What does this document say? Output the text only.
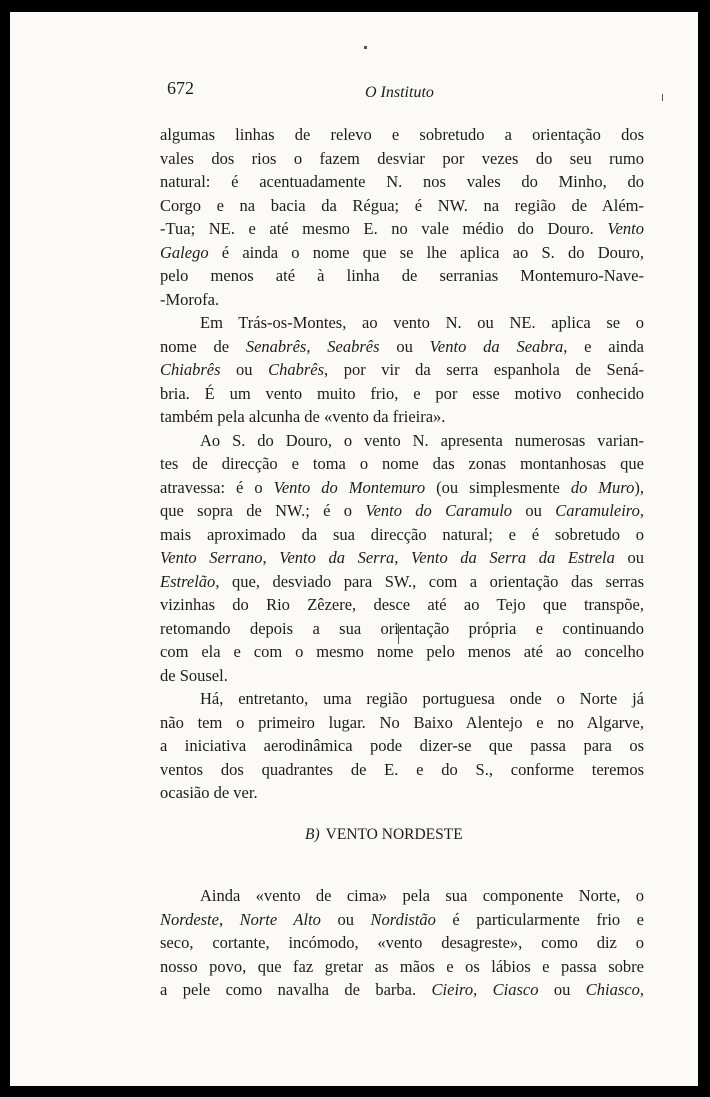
672	O Instituto
algumas linhas de relevo e sobretudo a orientação dos
vales dos rios o fazem desviar por vezes do seu rumo
natural: é acentuadamente N. nos vales do Minho, do
Corgo e na bacia da Régua; é NW. na região de Além-
-Tua; NE. e até mesmo E. no vale médio do Douro. Vento
Galego é ainda o nome que se lhe aplica ao S. do Douro,
pelo menos até à linha de serranias Montemuro-Nave-
-Morofa.
Em Trás-os-Montes, ao vento N. ou NE. aplica se o
nome de Senabrês, Seabrês ou Vento da Seabra, e ainda
Chiabrês ou Chabrês, por vir da serra espanhola de Sená-
bria. É um vento muito frio, e por esse motivo conhecido
também pela alcunha de «vento da frieira».
Ao S. do Douro, o vento N. apresenta numerosas varian-
tes de direcção e toma o nome das zonas montanhosas que
atravessa: é o Vento do Montemuro (ou simplesmente do Muro),
que sopra de NW.; é o Vento do Caramulo ou Caramuleiro,
mais aproximado da sua direcção natural; e é sobretudo o
Vento Serrano, Vento da Serra, Vento da Serra da Estrela ou
Estrelão, que, desviado para SW., com a orientação das serras
vizinhas do Rio Zêzere, desce até ao Tejo que transpõe,
retomando depois a sua orientação própria e continuando
com ela e com o mesmo nome pelo menos até ao concelho
de Sousel.
Há, entretanto, uma região portuguesa onde o Norte já
não tem o primeiro lugar. No Baixo Alentejo e no Algarve,
a iniciativa aerodinâmica pode dizer-se que passa para os
ventos dos quadrantes de E. e do S., conforme teremos
ocasião de ver.
B) VENTO NORDESTE
Ainda «vento de cima» pela sua componente Norte, o
Nordeste, Norte Alto ou Nordistão é particularmente frio e
seco, cortante, incómodo, «vento desagreste», como diz o
nosso povo, que faz gretar as mãos e os lábios e passa sobre
a pele como navalha de barba. Cieiro, Ciasco ou Chiasco,
